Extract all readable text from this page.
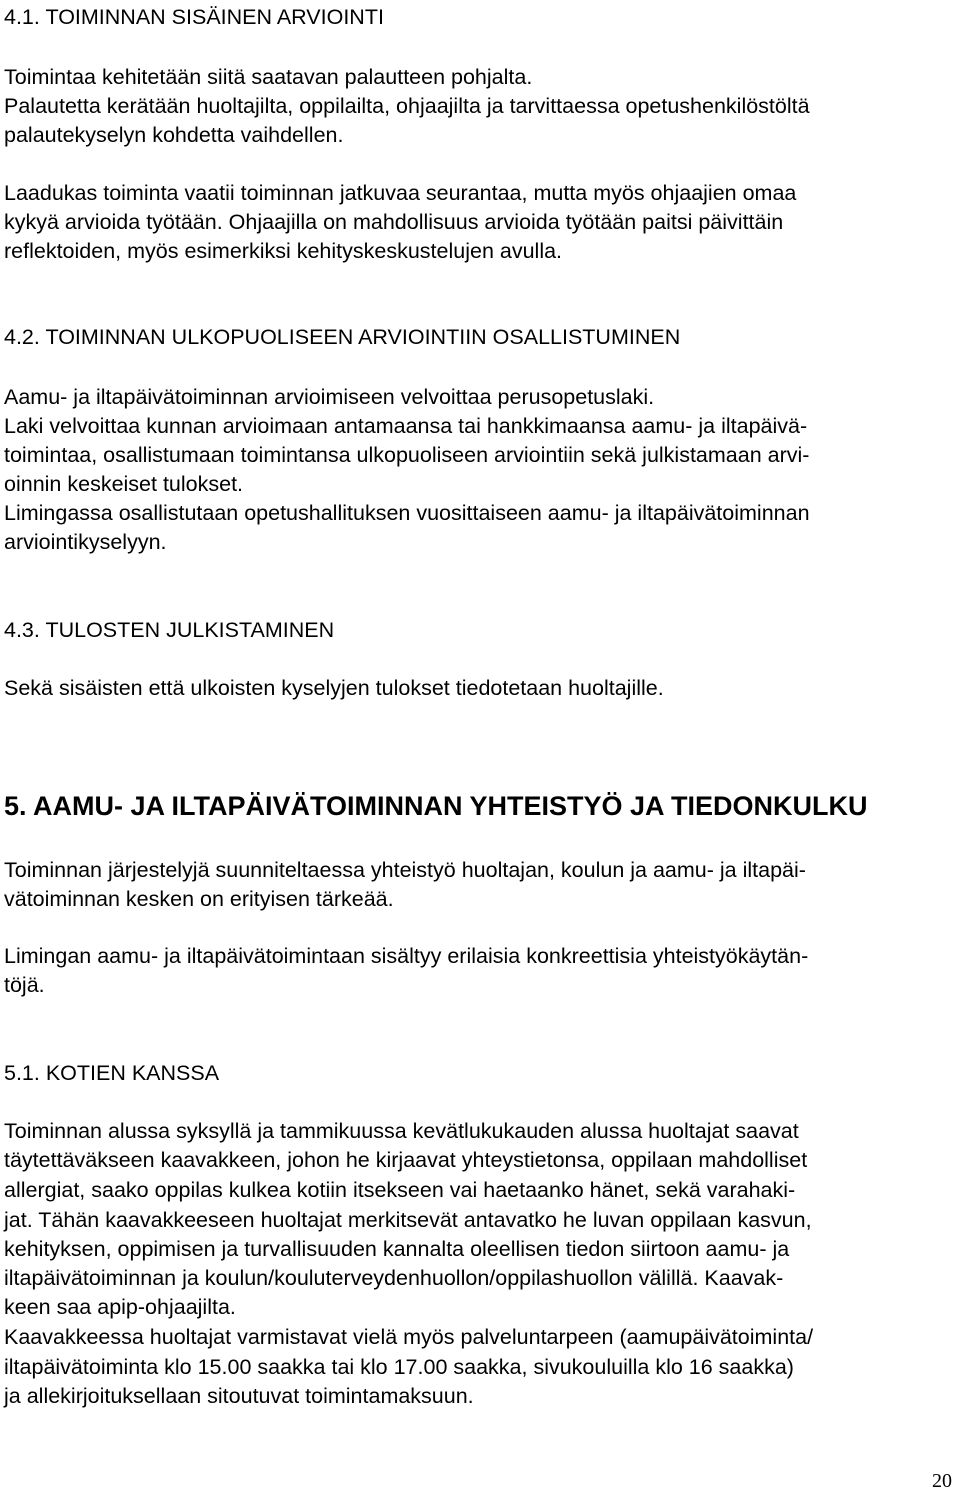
4.1. TOIMINNAN SISÄINEN ARVIOINTI

Toimintaa kehitetään siitä saatavan palautteen pohjalta.

Palautetta kerätään huoltajilta, oppilailta, ohjaajilta ja tarvittaessa opetushenkilöstöltä

palautekyselyn kohdetta vaihdellen.

Laadukas toiminta vaatii toiminnan jatkuvaa seurantaa, mutta myös ohjaajien omaa

kykyä arvioida työtään. Ohjaajilla on mahdollisuus arvioida työtään paitsi päivittäin

reflektoiden, myös esimerkiksi kehityskeskustelujen avulla.

4.2. TOIMINNAN ULKOPUOLISEEN ARVIOINTIIN OSALLISTUMINEN

Aamu- ja iltapäivätoiminnan arvioimiseen velvoittaa perusopetuslaki.

Laki velvoittaa kunnan arvioimaan antamaansa tai hankkimaansa aamu- ja iltapäivä-

toimintaa, osallistumaan toimintansa ulkopuoliseen arviointiin sekä julkistamaan arvi-

oinnin keskeiset tulokset.

Limingassa osallistutaan opetushallituksen vuosittaiseen aamu- ja iltapäivätoiminnan

arviointikyselyyn.

4.3. TULOSTEN JULKISTAMINEN

Sekä sisäisten että ulkoisten kyselyjen tulokset tiedotetaan huoltajille.

5. AAMU- JA ILTAPÄIVÄTOIMINNAN YHTEISTYÖ JA TIEDONKULKU

Toiminnan järjestelyjä suunniteltaessa yhteistyö huoltajan, koulun ja aamu- ja iltapäi-

vätoiminnan kesken on erityisen tärkeää.

Limingan aamu- ja iltapäivätoimintaan sisältyy erilaisia konkreettisia yhteistyökäytän-

töjä.

5.1. KOTIEN KANSSA

Toiminnan alussa syksyllä ja tammikuussa kevätlukukauden alussa huoltajat saavat

täytettäväkseen kaavakkeen, johon he kirjaavat yhteystietonsa, oppilaan mahdolliset

allergiat, saako oppilas kulkea kotiin itsekseen vai haetaanko hänet, sekä varahaki-

jat. Tähän kaavakkeeseen huoltajat merkitsevät antavatko he luvan oppilaan kasvun,

kehityksen, oppimisen ja turvallisuuden kannalta oleellisen tiedon siirtoon aamu- ja

iltapäivätoiminnan ja koulun/kouluterveydenhuollon/oppilashuollon välillä. Kaavak-

keen saa apip-ohjaajilta.

Kaavakkeessa huoltajat varmistavat vielä myös palveluntarpeen (aamupäivätoiminta/

iltapäivätoiminta klo 15.00 saakka tai klo 17.00 saakka, sivukouluilla klo 16 saakka)

ja allekirjoituksellaan sitoutuvat toimintamaksuun.

20
